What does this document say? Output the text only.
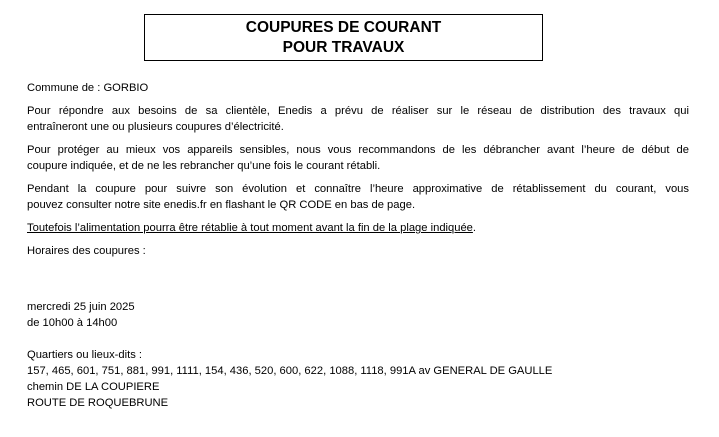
COUPURES DE COURANT
POUR TRAVAUX
Commune de : GORBIO
Pour répondre aux besoins de sa clientèle, Enedis a prévu de réaliser sur le réseau de distribution des travaux qui
entraîneront une ou plusieurs coupures d’électricité.
Pour protéger au mieux vos appareils sensibles, nous vous recommandons de les débrancher avant l’heure de début de
coupure indiquée, et de ne les rebrancher qu’une fois le courant rétabli.
Pendant la coupure pour suivre son évolution et connaître l’heure approximative de rétablissement du courant, vous
pouvez consulter notre site enedis.fr en flashant le QR CODE en bas de page.
Toutefois l’alimentation pourra être rétablie à tout moment avant la fin de la plage indiquée.
Horaires des coupures :
mercredi 25 juin 2025
de 10h00 à 14h00
Quartiers ou lieux-dits :
157, 465, 601, 751, 881, 991, 1111, 154, 436, 520, 600, 622, 1088, 1118, 991A av GENERAL DE GAULLE
chemin DE LA COUPIERE
ROUTE DE ROQUEBRUNE
